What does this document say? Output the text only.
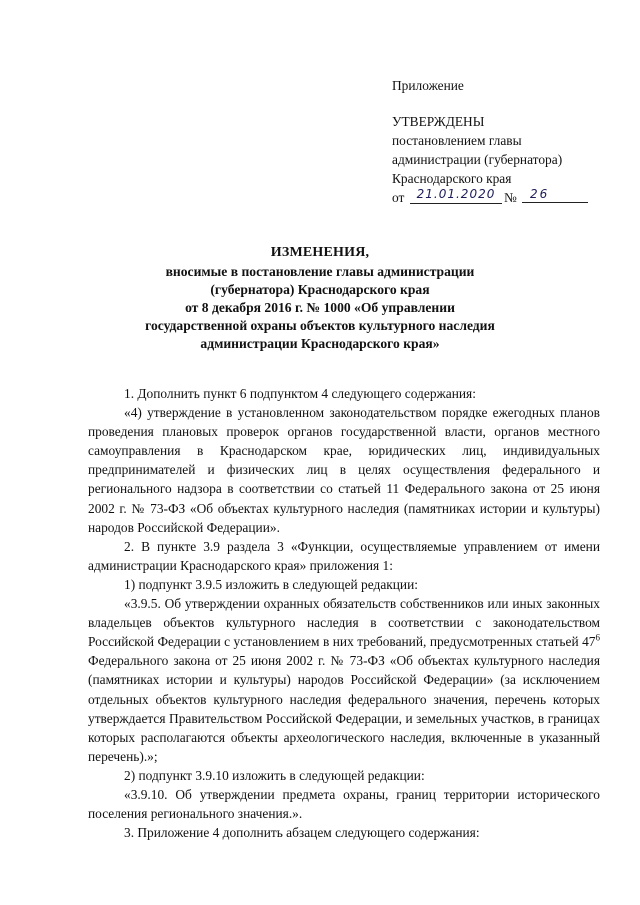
Приложение
УТВЕРЖДЕНЫ
постановлением главы
администрации (губернатора)
Краснодарского края
от	21.01.2020 №	26
ИЗМЕНЕНИЯ,
вносимые в постановление главы администрации
(губернатора) Краснодарского края
от 8 декабря 2016 г. № 1000 «Об управлении
государственной охраны объектов культурного наследия
администрации Краснодарского края»

1. Дополнить пункт 6 подпунктом 4 следующего содержания:

«4) утверждение в установленном законодательством порядке ежегодных планов проведения плановых проверок органов государственной власти, органов местного самоуправления в Краснодарском крае, юридических лиц, индивидуальных предпринимателей и физических лиц в целях осуществления федерального и регионального надзора в соответствии со статьей 11 Федерального закона от 25 июня 2002 г. № 73-ФЗ «Об объектах культурного наследия (памятниках истории и культуры) народов Российской Федерации».

2. В пункте 3.9 раздела 3 «Функции, осуществляемые управлением от имени администрации Краснодарского края» приложения 1:

1) подпункт 3.9.5 изложить в следующей редакции:

«3.9.5. Об утверждении охранных обязательств собственников или иных законных владельцев объектов культурного наследия в соответствии с законодательством Российской Федерации с установлением в них требований, предусмотренных статьей $47^6$ Федерального закона от 25 июня 2002 г. № 73-ФЗ «Об объектах культурного наследия (памятниках истории и культуры) народов Российской Федерации» (за исключением отдельных объектов культурного наследия федерального значения, перечень которых утверждается Правительством Российской Федерации, и земельных участков, в границах которых располагаются объекты археологического наследия, включенные в указанный перечень).»;

2) подпункт 3.9.10 изложить в следующей редакции:

«3.9.10. Об утверждении предмета охраны, границ территории исторического поселения регионального значения.».

3. Приложение 4 дополнить абзацем следующего содержания:
